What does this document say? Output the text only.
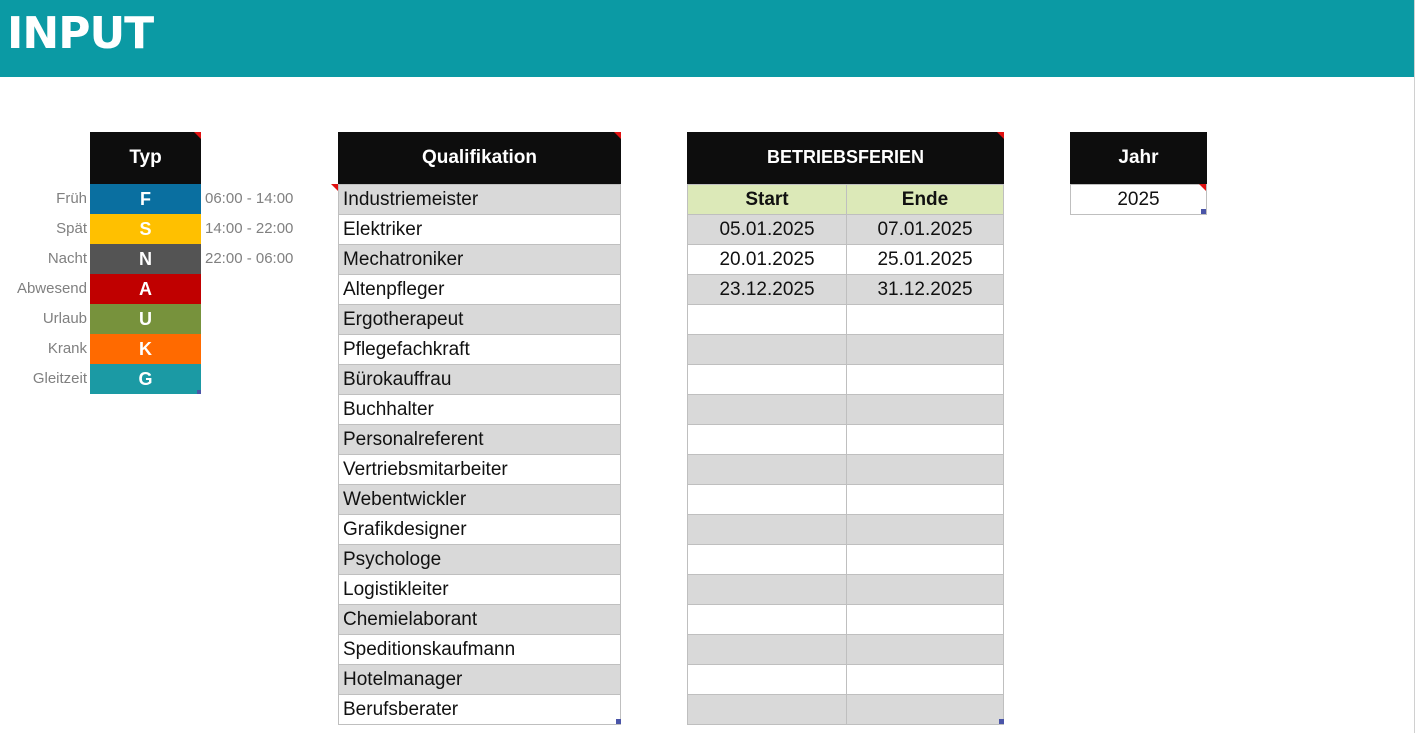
INPUT
Typ
Früh	F	06:00 - 14:00
Spät	S	14:00 - 22:00
Nacht	N	22:00 - 06:00
Abwesend	A
Urlaub	U
Krank	K
Gleitzeit	G
Qualifikation
Industriemeister
Elektriker
Mechatroniker
Altenpfleger
Ergotherapeut
Pflegefachkraft
Bürokauffrau
Buchhalter
Personalreferent
Vertriebsmitarbeiter
Webentwickler
Grafikdesigner
Psychologe
Logistikleiter
Chemielaborant
Speditionskaufmann
Hotelmanager
Berufsberater
BETRIEBSFERIEN
Start	Ende
05.01.2025	07.01.2025
20.01.2025	25.01.2025
23.12.2025	31.12.2025
Jahr
2025
